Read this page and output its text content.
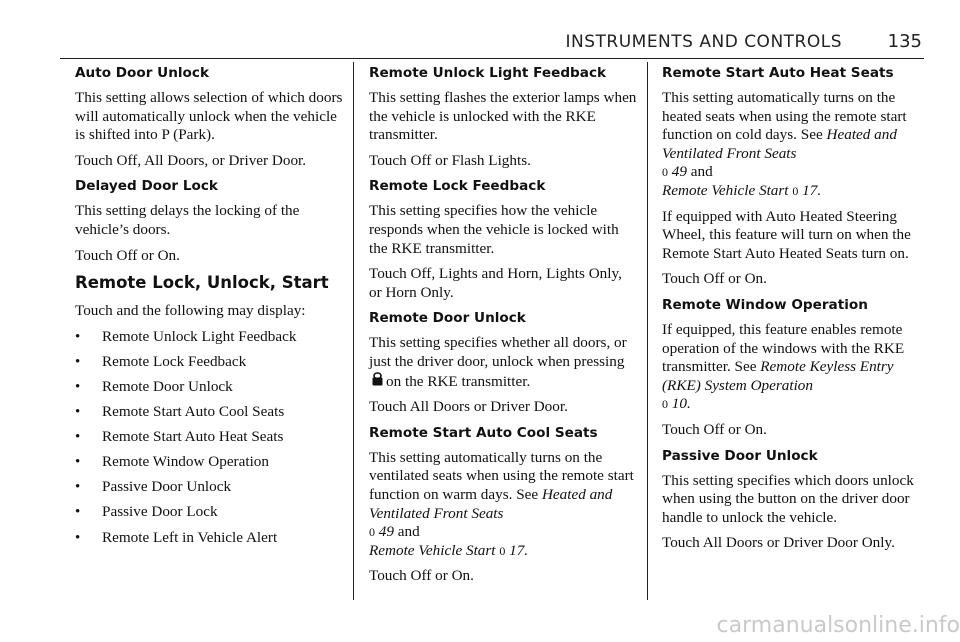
INSTRUMENTS AND CONTROLS	135
Auto Door Unlock

This setting allows selection of which doors will automatically unlock when the vehicle is shifted into P (Park).

Touch Off, All Doors, or Driver Door.

Delayed Door Lock

This setting delays the locking of the vehicle’s doors.

Touch Off or On.

Remote Lock, Unlock, Start

Touch and the following may display:

• Remote Unlock Light Feedback
• Remote Lock Feedback
• Remote Door Unlock
• Remote Start Auto Cool Seats
• Remote Start Auto Heat Seats
• Remote Window Operation
• Passive Door Unlock
• Passive Door Lock
• Remote Left in Vehicle Alert
Remote Unlock Light Feedback

This setting flashes the exterior lamps when the vehicle is unlocked with the RKE transmitter.

Touch Off or Flash Lights.

Remote Lock Feedback

This setting specifies how the vehicle responds when the vehicle is locked with the RKE transmitter.

Touch Off, Lights and Horn, Lights Only, or Horn Only.

Remote Door Unlock

This setting specifies whether all doors, or just the driver door, unlock when pressingon the RKE transmitter.

Touch All Doors or Driver Door.

Remote Start Auto Cool Seats

This setting automatically turns on the ventilated seats when using the remote start function on warm days. See Heated and Ventilated Front Seats
0 49 and
Remote Vehicle Start 0 17.

Touch Off or On.

Remote Start Auto Heat Seats

This setting automatically turns on the heated seats when using the remote start function on cold days. See Heated and Ventilated Front Seats
0 49 and
Remote Vehicle Start 0 17.

If equipped with Auto Heated Steering Wheel, this feature will turn on when the Remote Start Auto Heated Seats turn on.

Touch Off or On.

Remote Window Operation

If equipped, this feature enables remote operation of the windows with the RKE transmitter. See Remote Keyless Entry (RKE) System Operation
0 10.

Touch Off or On.

Passive Door Unlock

This setting specifies which doors unlock when using the button on the driver door handle to unlock the vehicle.

Touch All Doors or Driver Door Only.

carmanualsonline.info
